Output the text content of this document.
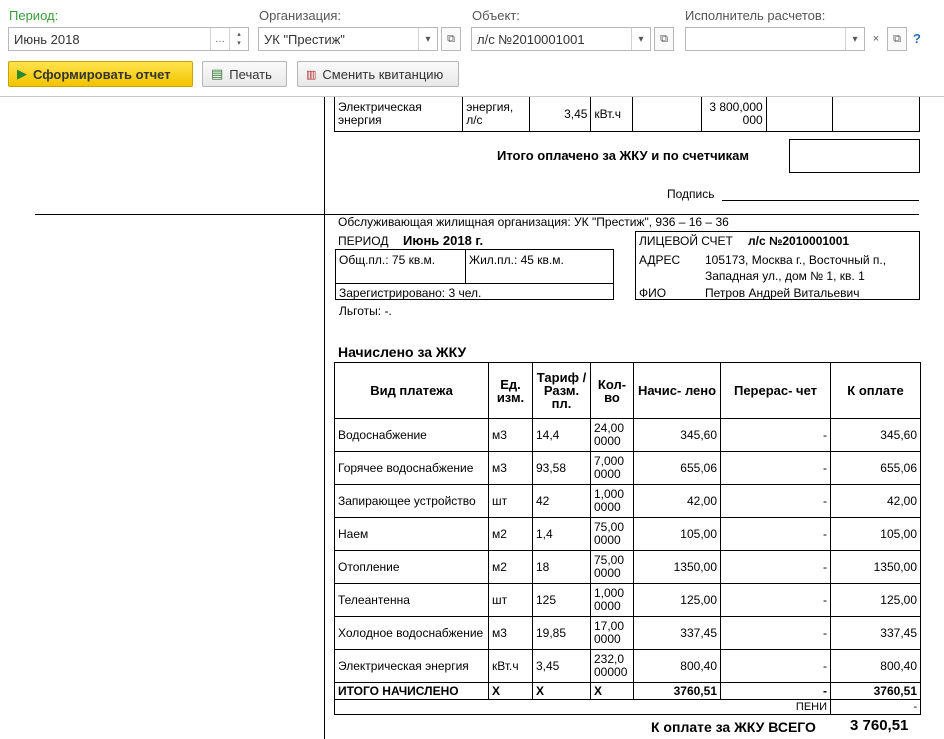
Период:	Организация:	Объект:	Исполнитель расчетов:
Июнь 2018	…	▴
▾	УК "Престиж"	▾	⧉	л/с №2010001001	▾	⧉	▾	×	⧉ ?
▶ Сформировать отчет	▤ Печать	▥ Сменить квитанцию
Электрическая энергия	энергия, л/с	3,45	кВт.ч		3 800,000 000		
Итого оплачено за ЖКУ и по счетчикам
Подпись
Обслуживающая жилищная организация: УК "Престиж", 936 – 16 – 36
ПЕРИОД Июнь 2018 г.
Общ.пл.: 75 кв.м.	Жил.пл.: 45 кв.м.
Зарегистрировано: 3 чел.
Льготы: -.
ЛИЦЕВОЙ СЧЕТ л/с №2010001001
АДРЕС 105173, Москва г., Восточный п.,
Западная ул., дом № 1, кв. 1
ФИО	Петров Андрей Витальевич
Начислено за ЖКУ
Вид платежа	Ед. изм.	Тариф / Разм. пл.	Кол-во	Начис- лено	Перерас- чет	К оплате
Водоснабжение	м3	14,4	24,00 0000	345,60	-	345,60
Горячее водоснабжение	м3	93,58	7,000 0000	655,06	-	655,06
Запирающее устройство	шт	42	1,000 0000	42,00	-	42,00
Наем	м2	1,4	75,00 0000	105,00	-	105,00
Отопление	м2	18	75,00 0000	1350,00	-	1350,00
Телеантенна	шт	125	1,000 0000	125,00	-	125,00
Холодное водоснабжение	м3	19,85	17,00 0000	337,45	-	337,45
Электрическая энергия	кВт.ч	3,45	232,0 00000	800,40	-	800,40
ИТОГО НАЧИСЛЕНО	X	X	X	3760,51	-	3760,51
ПЕНИ						-
К оплате за ЖКУ ВСЕГО 3 760,51
